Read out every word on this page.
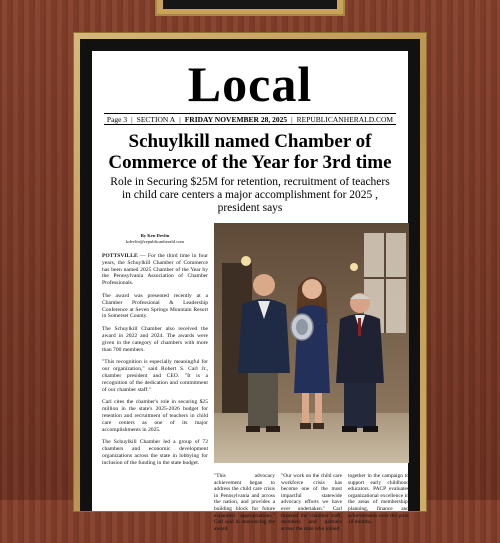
Local
Page 3 | SECTION A | FRIDAY NOVEMBER 28, 2025 | REPUBLICANHERALD.COM
Schuylkill named Chamber of
Commerce of the Year for 3rd time
Role in Securing $25M for retention, recruitment of teachers in child care centers a major accomplishment for 2025 , president says
By Ken Devlin
kdevlin@republicanherald.com

POTTSVILLE — For the third time in four years, the Schuylkill Chamber of Commerce has been named 2025 Chamber of the Year by the Pennsylvania Association of Chamber Professionals.

The award was presented recently at a Chamber Professional & Leadership Conference at Seven Springs Mountain Resort in Somerset County.

The Schuylkill Chamber also received the award in 2022 and 2024. The awards were given in the category of chambers with more than 700 members.

"This recognition is especially meaningful for our organization," said Robert S. Carl Jr., chamber president and CEO. "It is a recognition of the dedication and commitment of our chamber staff."

Carl cites the chamber's role in securing $25 million in the state's 2025-2026 budget for retention and recruitment of teachers in child care centers as one of its major accomplishments in 2025.

The Schuylkill Chamber led a group of 72 chambers and economic development organizations across the state in lobbying for inclusion of the funding in the state budget.

"This advocacy achievement began to address the child care crisis in Pennsylvania and across the nation, and provides a building block for future expanded appropriations," Carl said in announcing the award.
"Our work on the child care workforce crisis has become one of the most impactful statewide advocacy efforts we have ever undertaken." Carl thanked the chamber staff, members and partners across the state who joined
together in the campaign to support early childhood educators. PACP evaluates organizational excellence in the areas of membership, planning, finance and achievements over the prior 18 months.
